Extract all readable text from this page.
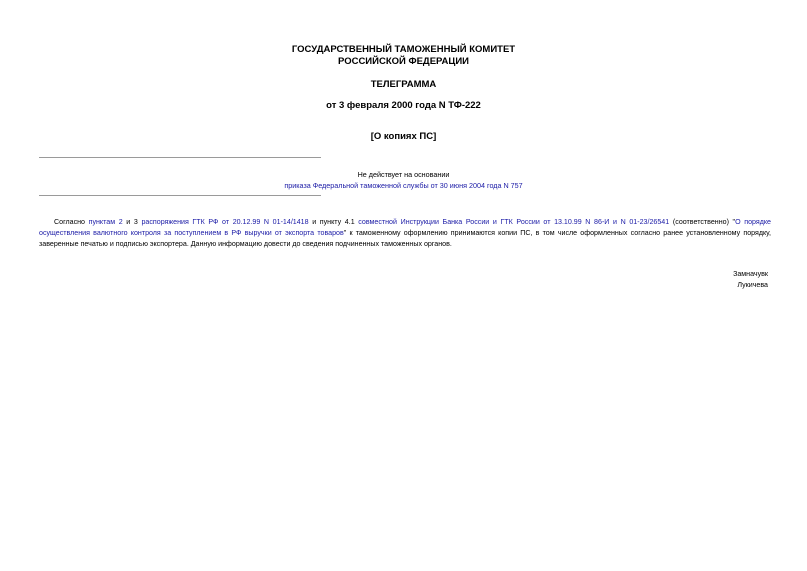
ГОСУДАРСТВЕННЫЙ ТАМОЖЕННЫЙ КОМИТЕТ
РОССИЙСКОЙ ФЕДЕРАЦИИ
ТЕЛЕГРАММА
от 3 февраля 2000 года N ТФ-222
[О копиях ПС]
Не действует на основании
приказа Федеральной таможенной службы от 30 июня 2004 года N 757

Согласно пунктам 2 и 3 распоряжения ГТК РФ от 20.12.99 N 01-14/1418 и пункту 4.1 совместной Инструкции Банка России и ГТК России от 13.10.99 N 86-И и N 01-23/26541 (соответственно) "О порядке осуществления валютного контроля за поступлением в РФ выручки от экспорта товаров" к таможенному оформлению принимаются копии ПС, в том числе оформленных согласно ранее установленному порядку, заверенные печатью и подписью экспортера. Данную информацию довести до сведения подчиненных таможенных органов.

Замначувк
Лукичева
